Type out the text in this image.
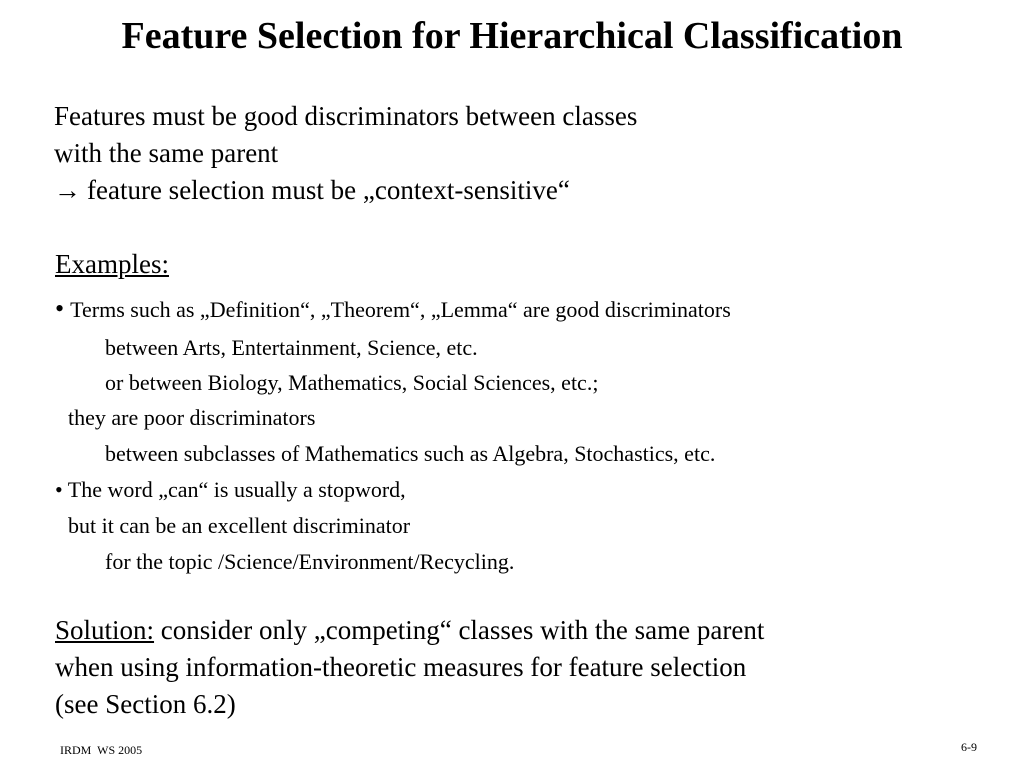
Feature Selection for Hierarchical Classification
Features must be good discriminators between classes
with the same parent
→ feature selection must be „context-sensitive“
Examples:
• Terms such as „Definition“, „Theorem“, „Lemma“ are good discriminators
between Arts, Entertainment, Science, etc.
or between Biology, Mathematics, Social Sciences, etc.;
they are poor discriminators
between subclasses of Mathematics such as Algebra, Stochastics, etc.
• The word „can“ is usually a stopword,
but it can be an excellent discriminator
for the topic /Science/Environment/Recycling.
Solution: consider only „competing“ classes with the same parent
when using information-theoretic measures for feature selection
(see Section 6.2)
IRDM  WS 2005	6-9
